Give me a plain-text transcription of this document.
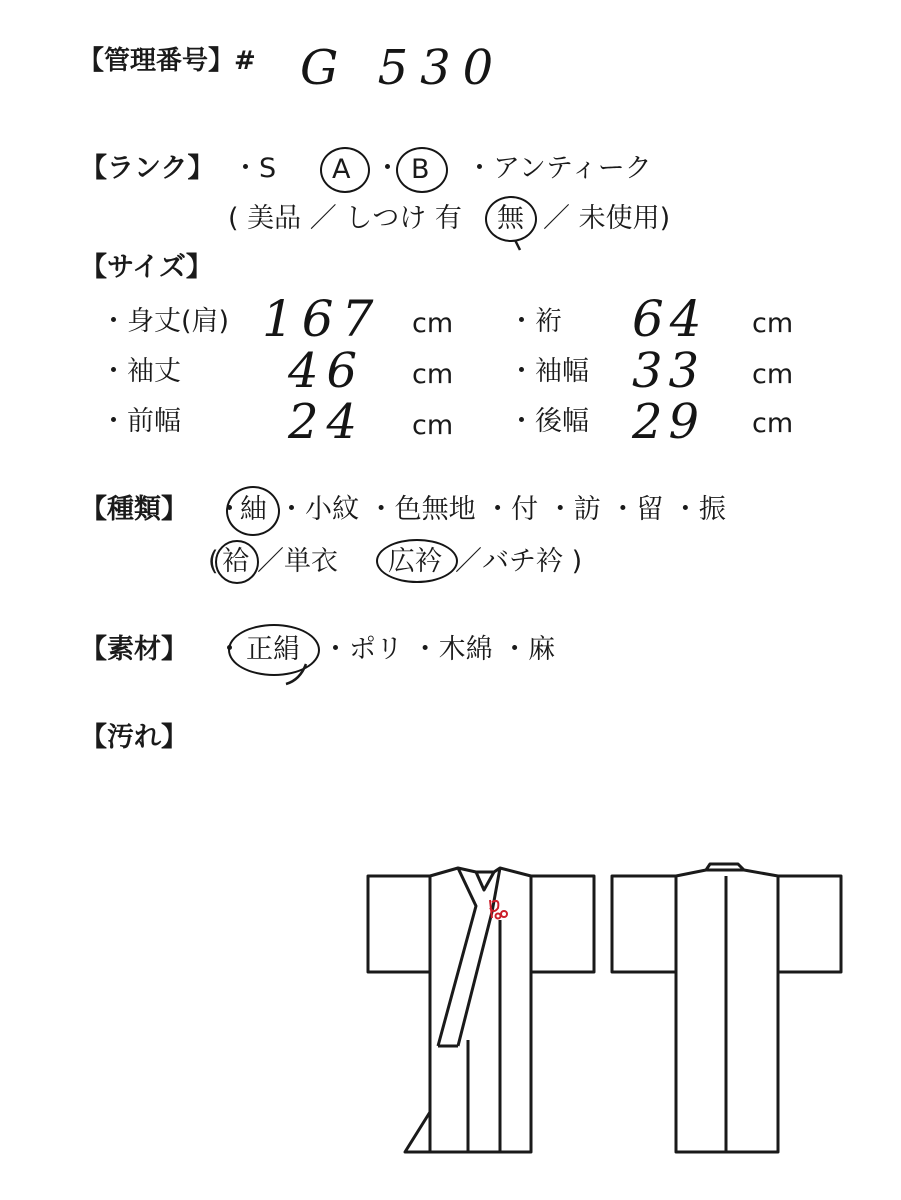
【管理番号】# G 530
【ランク】 ・S A ・ B ・アンティーク
( 美品 ／ しつけ 有 無 ／ 未使用)
【サイズ】
・身丈(肩) 167 cm ・裄 64 cm
・袖丈 46 cm ・袖幅 33 cm
・前幅 24 cm ・後幅 29 cm
【種類】 ・
紬 ・小紋 ・色無地 ・付 ・訪 ・留 ・振
( 袷 ／単衣 広衿 ／バチ衿 )
【素材】 ・ 正絹 ・ポリ ・木綿 ・麻
【汚れ】
